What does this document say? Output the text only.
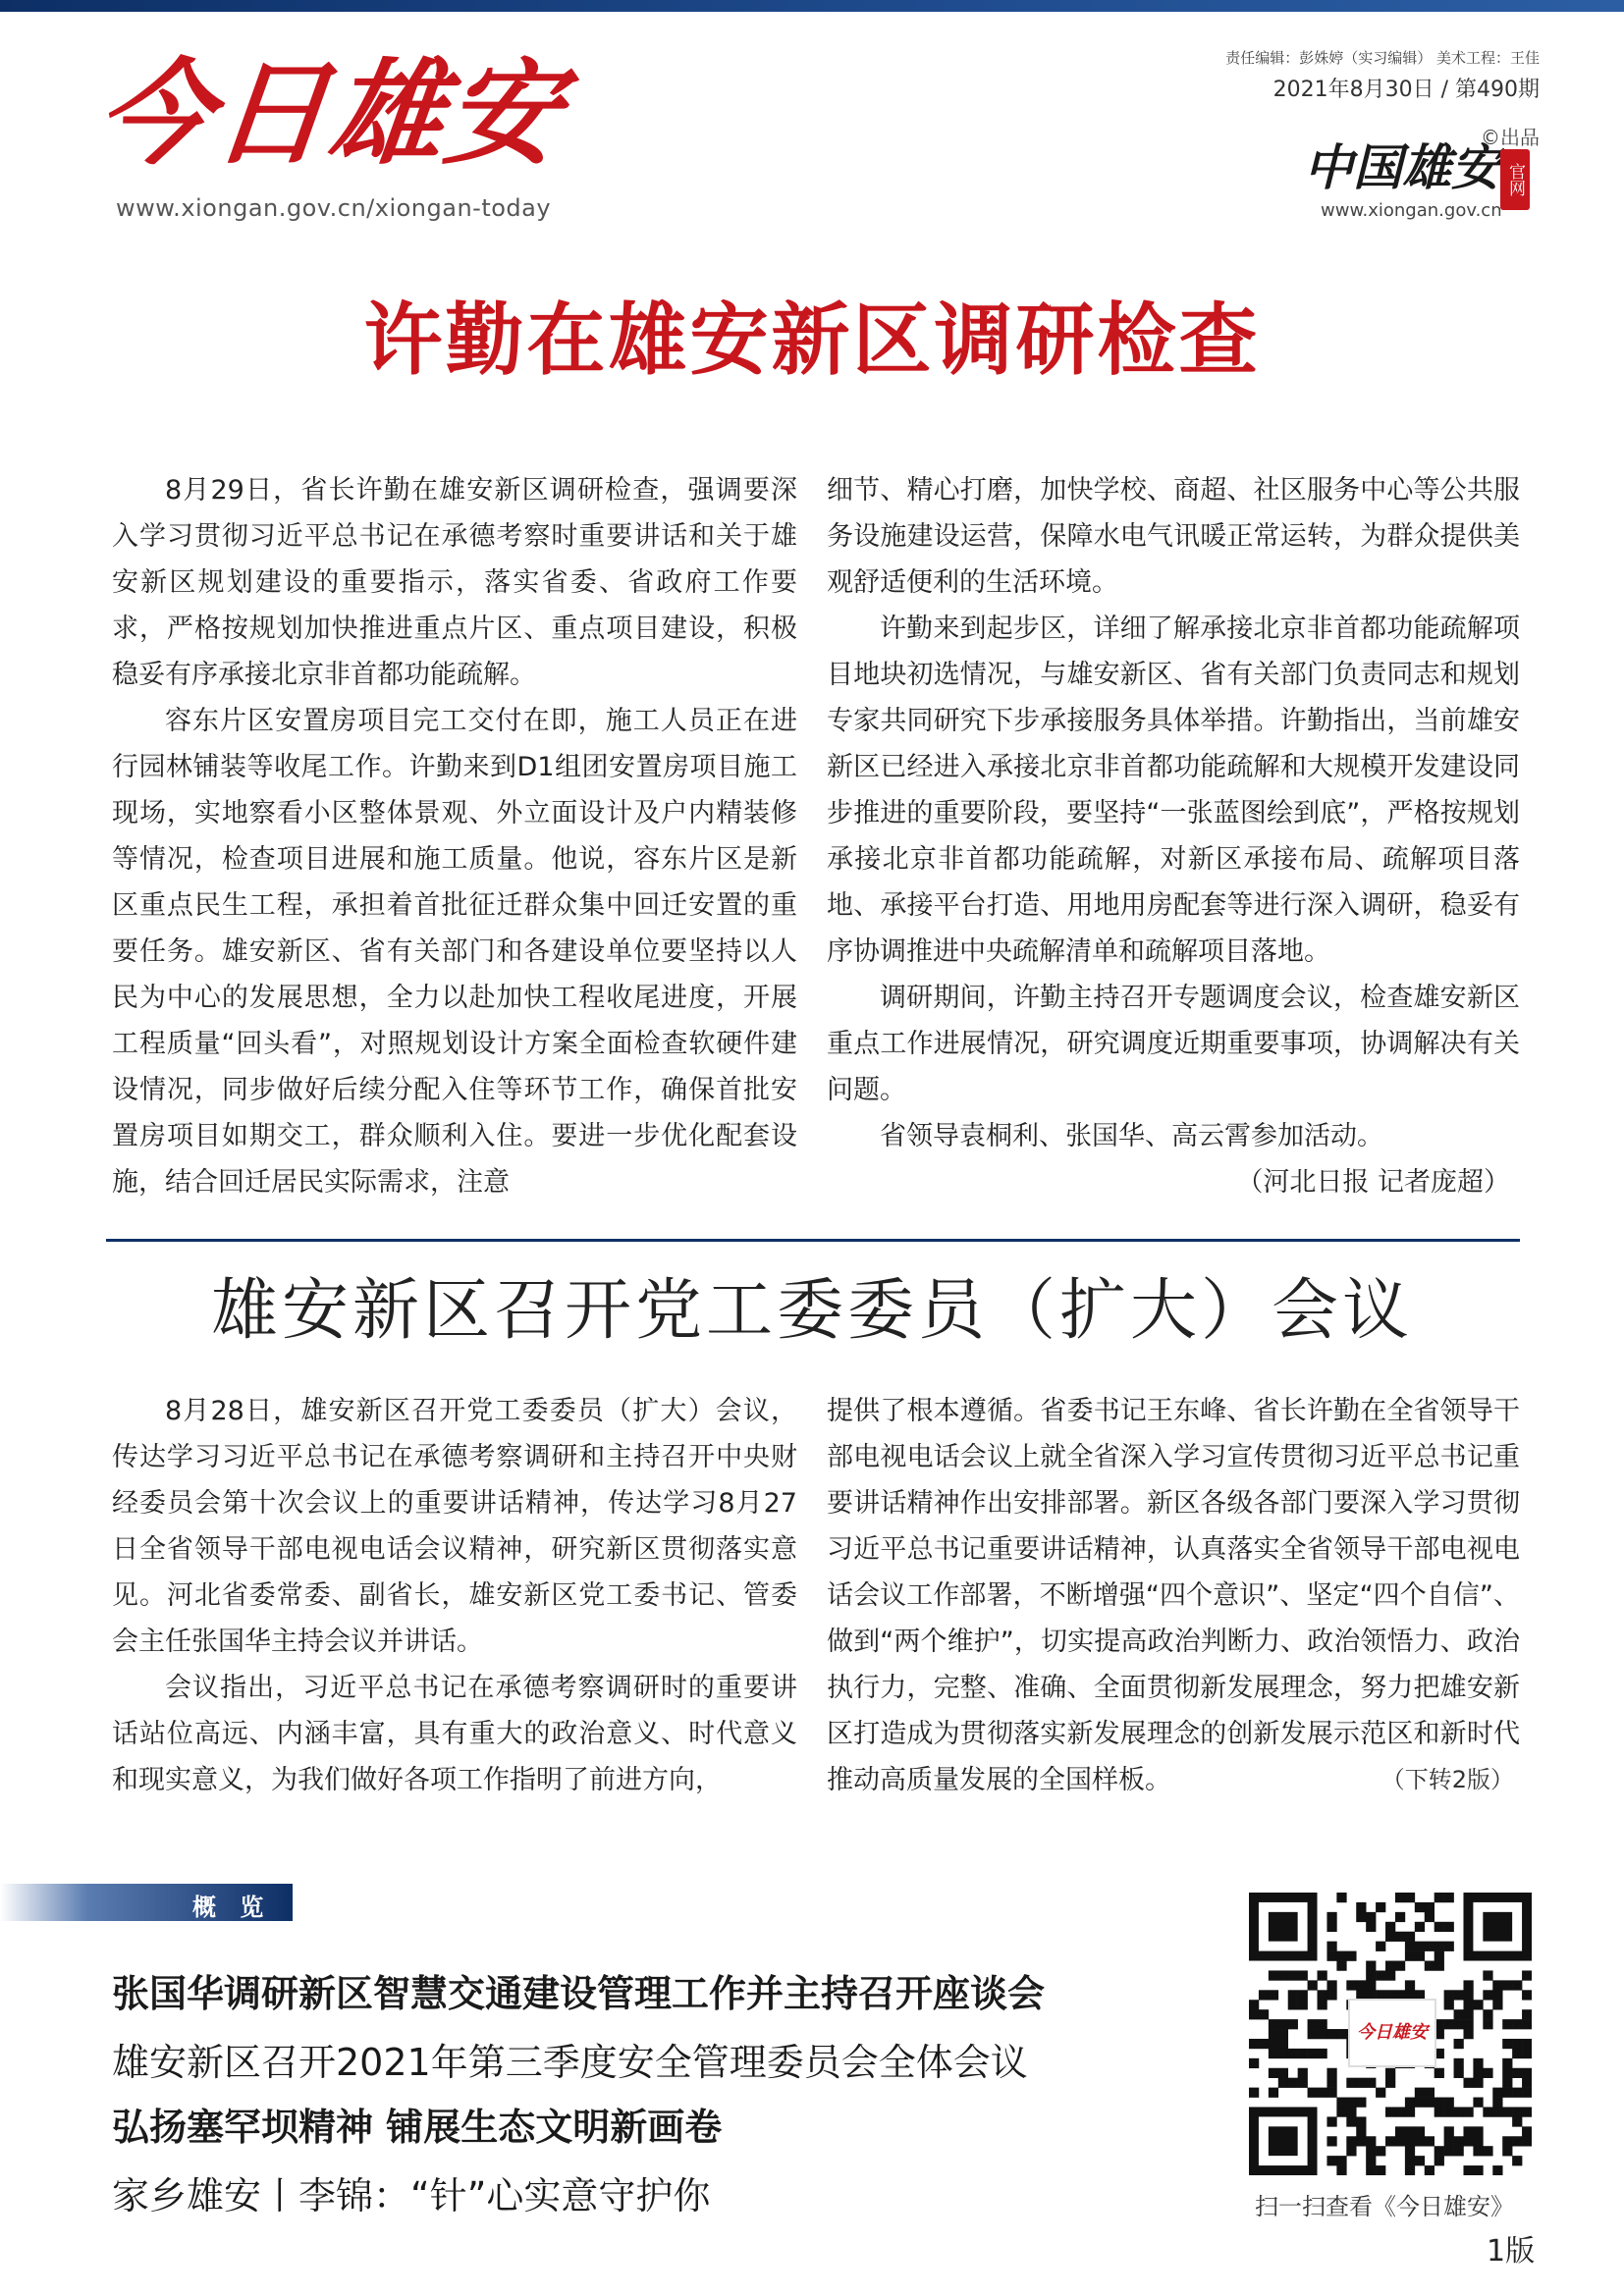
今日雄安
www.xiongan.gov.cn/xiongan-today
责任编辑：彭姝婷（实习编辑） 美术工程：王佳
2021年8月30日 / 第490期
©出品
中国雄安 官网
www.xiongan.gov.cn
许勤在雄安新区调研检查

8月29日，省长许勤在雄安新区调研检查，强调要深入学习贯彻习近平总书记在承德考察时重要讲话和关于雄安新区规划建设的重要指示，落实省委、省政府工作要求，严格按规划加快推进重点片区、重点项目建设，积极稳妥有序承接北京非首都功能疏解。

容东片区安置房项目完工交付在即，施工人员正在进行园林铺装等收尾工作。许勤来到D1组团安置房项目施工现场，实地察看小区整体景观、外立面设计及户内精装修等情况，检查项目进展和施工质量。他说，容东片区是新区重点民生工程，承担着首批征迁群众集中回迁安置的重要任务。雄安新区、省有关部门和各建设单位要坚持以人民为中心的发展思想，全力以赴加快工程收尾进度，开展工程质量“回头看”，对照规划设计方案全面检查软硬件建设情况，同步做好后续分配入住等环节工作，确保首批安置房项目如期交工，群众顺利入住。要进一步优化配套设施，结合回迁居民实际需求，注意

细节、精心打磨，加快学校、商超、社区服务中心等公共服务设施建设运营，保障水电气讯暖正常运转，为群众提供美观舒适便利的生活环境。

许勤来到起步区，详细了解承接北京非首都功能疏解项目地块初选情况，与雄安新区、省有关部门负责同志和规划专家共同研究下步承接服务具体举措。许勤指出，当前雄安新区已经进入承接北京非首都功能疏解和大规模开发建设同步推进的重要阶段，要坚持“一张蓝图绘到底”，严格按规划承接北京非首都功能疏解，对新区承接布局、疏解项目落地、承接平台打造、用地用房配套等进行深入调研，稳妥有序协调推进中央疏解清单和疏解项目落地。

调研期间，许勤主持召开专题调度会议，检查雄安新区重点工作进展情况，研究调度近期重要事项，协调解决有关问题。

省领导袁桐利、张国华、高云霄参加活动。

（河北日报 记者庞超）

雄安新区召开党工委委员（扩大）会议

8月28日，雄安新区召开党工委委员（扩大）会议，传达学习习近平总书记在承德考察调研和主持召开中央财经委员会第十次会议上的重要讲话精神，传达学习8月27日全省领导干部电视电话会议精神，研究新区贯彻落实意见。河北省委常委、副省长，雄安新区党工委书记、管委会主任张国华主持会议并讲话。

会议指出，习近平总书记在承德考察调研时的重要讲话站位高远、内涵丰富，具有重大的政治意义、时代意义和现实意义，为我们做好各项工作指明了前进方向，

提供了根本遵循。省委书记王东峰、省长许勤在全省领导干部电视电话会议上就全省深入学习宣传贯彻习近平总书记重要讲话精神作出安排部署。新区各级各部门要深入学习贯彻习近平总书记重要讲话精神，认真落实全省领导干部电视电话会议工作部署，不断增强“四个意识”、坚定“四个自信”、做到“两个维护”，切实提高政治判断力、政治领悟力、政治执行力，完整、准确、全面贯彻新发展理念，努力把雄安新区打造成为贯彻落实新发展理念的创新发展示范区和新时代推动高质量发展的全国样板。	（下转2版）

概 览
张国华调研新区智慧交通建设管理工作并主持召开座谈会
雄安新区召开2021年第三季度安全管理委员会全体会议
弘扬塞罕坝精神 铺展生态文明新画卷
家乡雄安丨李锦：“针”心实意守护你
今日雄安
扫一扫查看《今日雄安》
1版
